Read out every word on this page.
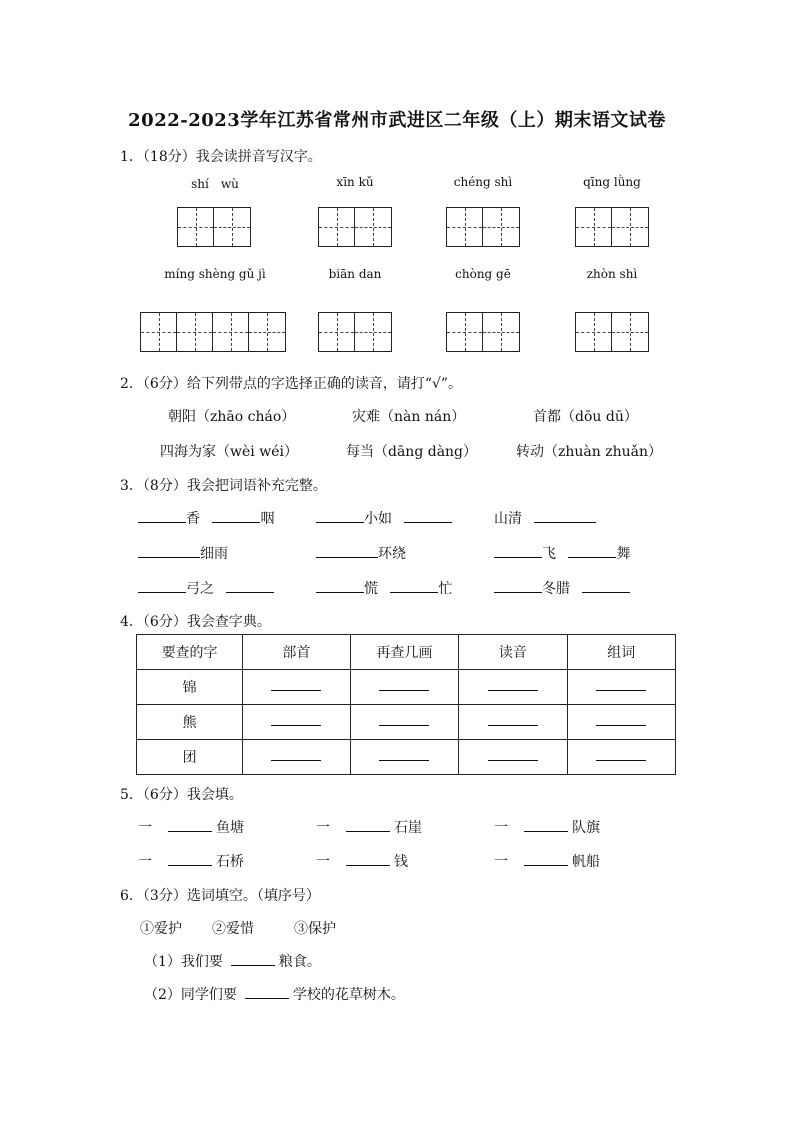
2022-2023学年江苏省常州市武进区二年级（上）期末语文试卷
1．（18分）我会读拼音写汉字。
shí　wù	xīn kǔ	chéng shì	qīng lǜng
míng shèng gǔ jì	biān dan	chòng gē	zhòn shì
2．（6分）给下列带点的字选择正确的读音，请打“√”。
朝阳（zhāo cháo）	灾难（nàn nán）	首都（dōu dū）
四海为家（wèi wéi）	每当（dāng dàng）	转动（zhuàn zhuǎn）
3．（8分）我会把词语补充完整。
香	咽	小如	山清
细雨	环绕	飞	舞
弓之	慌	忙	冬腊
4．（6分）我会查字典。
要查的字	部首	再查几画	读音	组词
锦				
熊				
团				
5．（6分）我会填。
一	鱼塘	一	石崖	一	队旗
一	石桥	一	钱	一	帆船
6．（3分）选词填空。（填序号）
①爱护 ②爱惜	③保护
（1）我们要	粮食。
（2）同学们要	学校的花草树木。
